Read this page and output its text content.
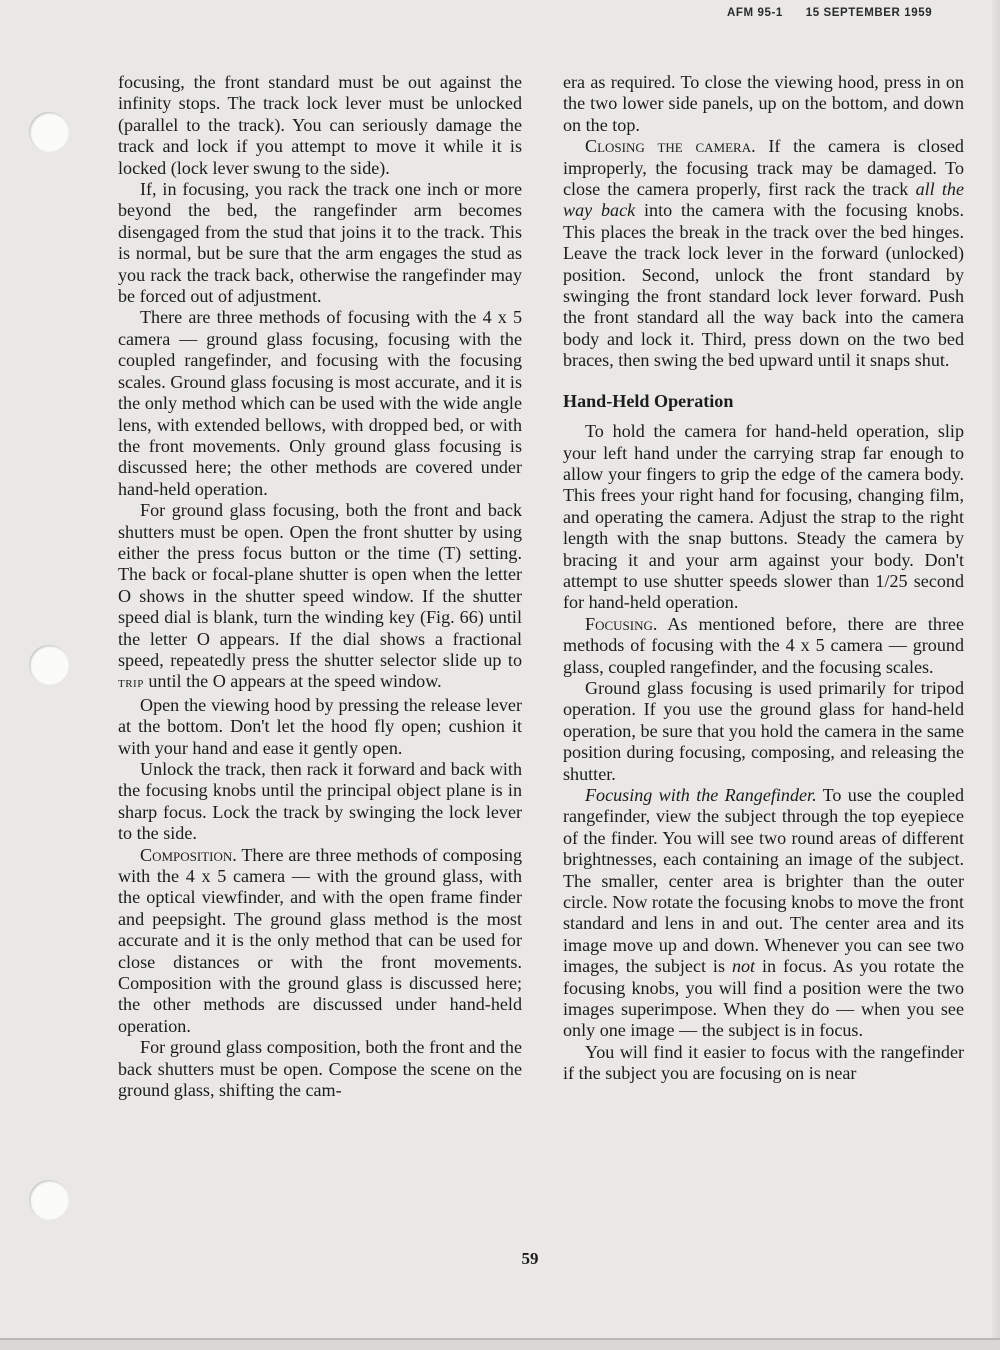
AFM 95-1 15 SEPTEMBER 1959

focusing, the front standard must be out against the infinity stops. The track lock lever must be unlocked (parallel to the track). You can seriously damage the track and lock if you attempt to move it while it is locked (lock lever swung to the side).

If, in focusing, you rack the track one inch or more beyond the bed, the rangefinder arm becomes disengaged from the stud that joins it to the track. This is normal, but be sure that the arm engages the stud as you rack the track back, otherwise the rangefinder may be forced out of adjustment.

There are three methods of focusing with the 4 x 5 camera — ground glass focusing, focusing with the coupled rangefinder, and focusing with the focusing scales. Ground glass focusing is most accurate, and it is the only method which can be used with the wide angle lens, with extended bellows, with dropped bed, or with the front movements. Only ground glass focusing is discussed here; the other methods are covered under hand-held operation.

For ground glass focusing, both the front and back shutters must be open. Open the front shutter by using either the press focus button or the time (T) setting. The back or focal-plane shutter is open when the letter O shows in the shutter speed window. If the shutter speed dial is blank, turn the winding key (Fig. 66) until the letter O appears. If the dial shows a fractional speed, repeatedly press the shutter selector slide up to trip until the O appears at the speed window.

Open the viewing hood by pressing the release lever at the bottom. Don't let the hood fly open; cushion it with your hand and ease it gently open.

Unlock the track, then rack it forward and back with the focusing knobs until the principal object plane is in sharp focus. Lock the track by swinging the lock lever to the side.

Composition. There are three methods of composing with the 4 x 5 camera — with the ground glass, with the optical viewfinder, and with the open frame finder and peepsight. The ground glass method is the most accurate and it is the only method that can be used for close distances or with the front movements. Composition with the ground glass is discussed here; the other methods are discussed under hand-held operation.

For ground glass composition, both the front and the back shutters must be open. Compose the scene on the ground glass, shifting the cam-

era as required. To close the viewing hood, press in on the two lower side panels, up on the bottom, and down on the top.

Closing the camera. If the camera is closed improperly, the focusing track may be damaged. To close the camera properly, first rack the track all the way back into the camera with the focusing knobs. This places the break in the track over the bed hinges. Leave the track lock lever in the forward (unlocked) position. Second, unlock the front standard by swinging the front standard lock lever forward. Push the front standard all the way back into the camera body and lock it. Third, press down on the two bed braces, then swing the bed upward until it snaps shut.

Hand-Held Operation

To hold the camera for hand-held operation, slip your left hand under the carrying strap far enough to allow your fingers to grip the edge of the camera body. This frees your right hand for focusing, changing film, and operating the camera. Adjust the strap to the right length with the snap buttons. Steady the camera by bracing it and your arm against your body. Don't attempt to use shutter speeds slower than 1/25 second for hand-held operation.

Focusing. As mentioned before, there are three methods of focusing with the 4 x 5 camera — ground glass, coupled rangefinder, and the focusing scales.

Ground glass focusing is used primarily for tripod operation. If you use the ground glass for hand-held operation, be sure that you hold the camera in the same position during focusing, composing, and releasing the shutter.

Focusing with the Rangefinder. To use the coupled rangefinder, view the subject through the top eyepiece of the finder. You will see two round areas of different brightnesses, each containing an image of the subject. The smaller, center area is brighter than the outer circle. Now rotate the focusing knobs to move the front standard and lens in and out. The center area and its image move up and down. Whenever you can see two images, the subject is not in focus. As you rotate the focusing knobs, you will find a position were the two images superimpose. When they do — when you see only one image — the subject is in focus.

You will find it easier to focus with the rangefinder if the subject you are focusing on is near

59
